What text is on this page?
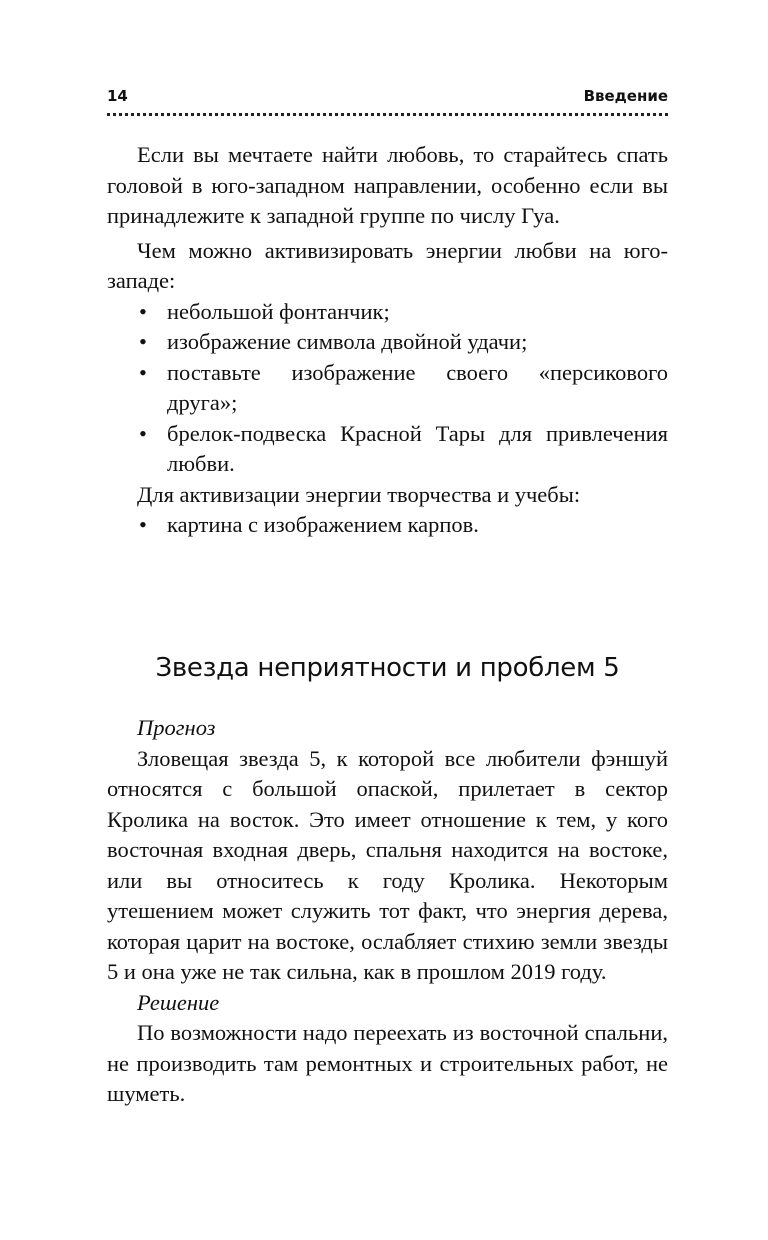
14	Введение

Если вы мечтаете найти любовь, то старайтесь спать головой в юго-западном направлении, особенно если вы принадлежите к западной группе по числу Гуа.

Чем можно активизировать энергии любви на юго-западе:

• небольшой фонтанчик;
• изображение символа двойной удачи;
• поставьте изображение своего «персикового друга»;
• брелок-подвеска Красной Тары для привлечения любви.

Для активизации энергии творчества и учебы:

• картина с изображением карпов.
Звезда неприятности и проблем 5

Прогноз

Зловещая звезда 5, к которой все любители фэншуй относятся с большой опаской, прилетает в сектор Кролика на восток. Это имеет отношение к тем, у кого восточная входная дверь, спальня находится на востоке, или вы относитесь к году Кролика. Некоторым утешением может служить тот факт, что энергия дерева, которая царит на востоке, ослабляет стихию земли звезды 5 и она уже не так сильна, как в прошлом 2019 году.

Решение

По возможности надо переехать из восточной спальни, не производить там ремонтных и строительных работ, не шуметь.
